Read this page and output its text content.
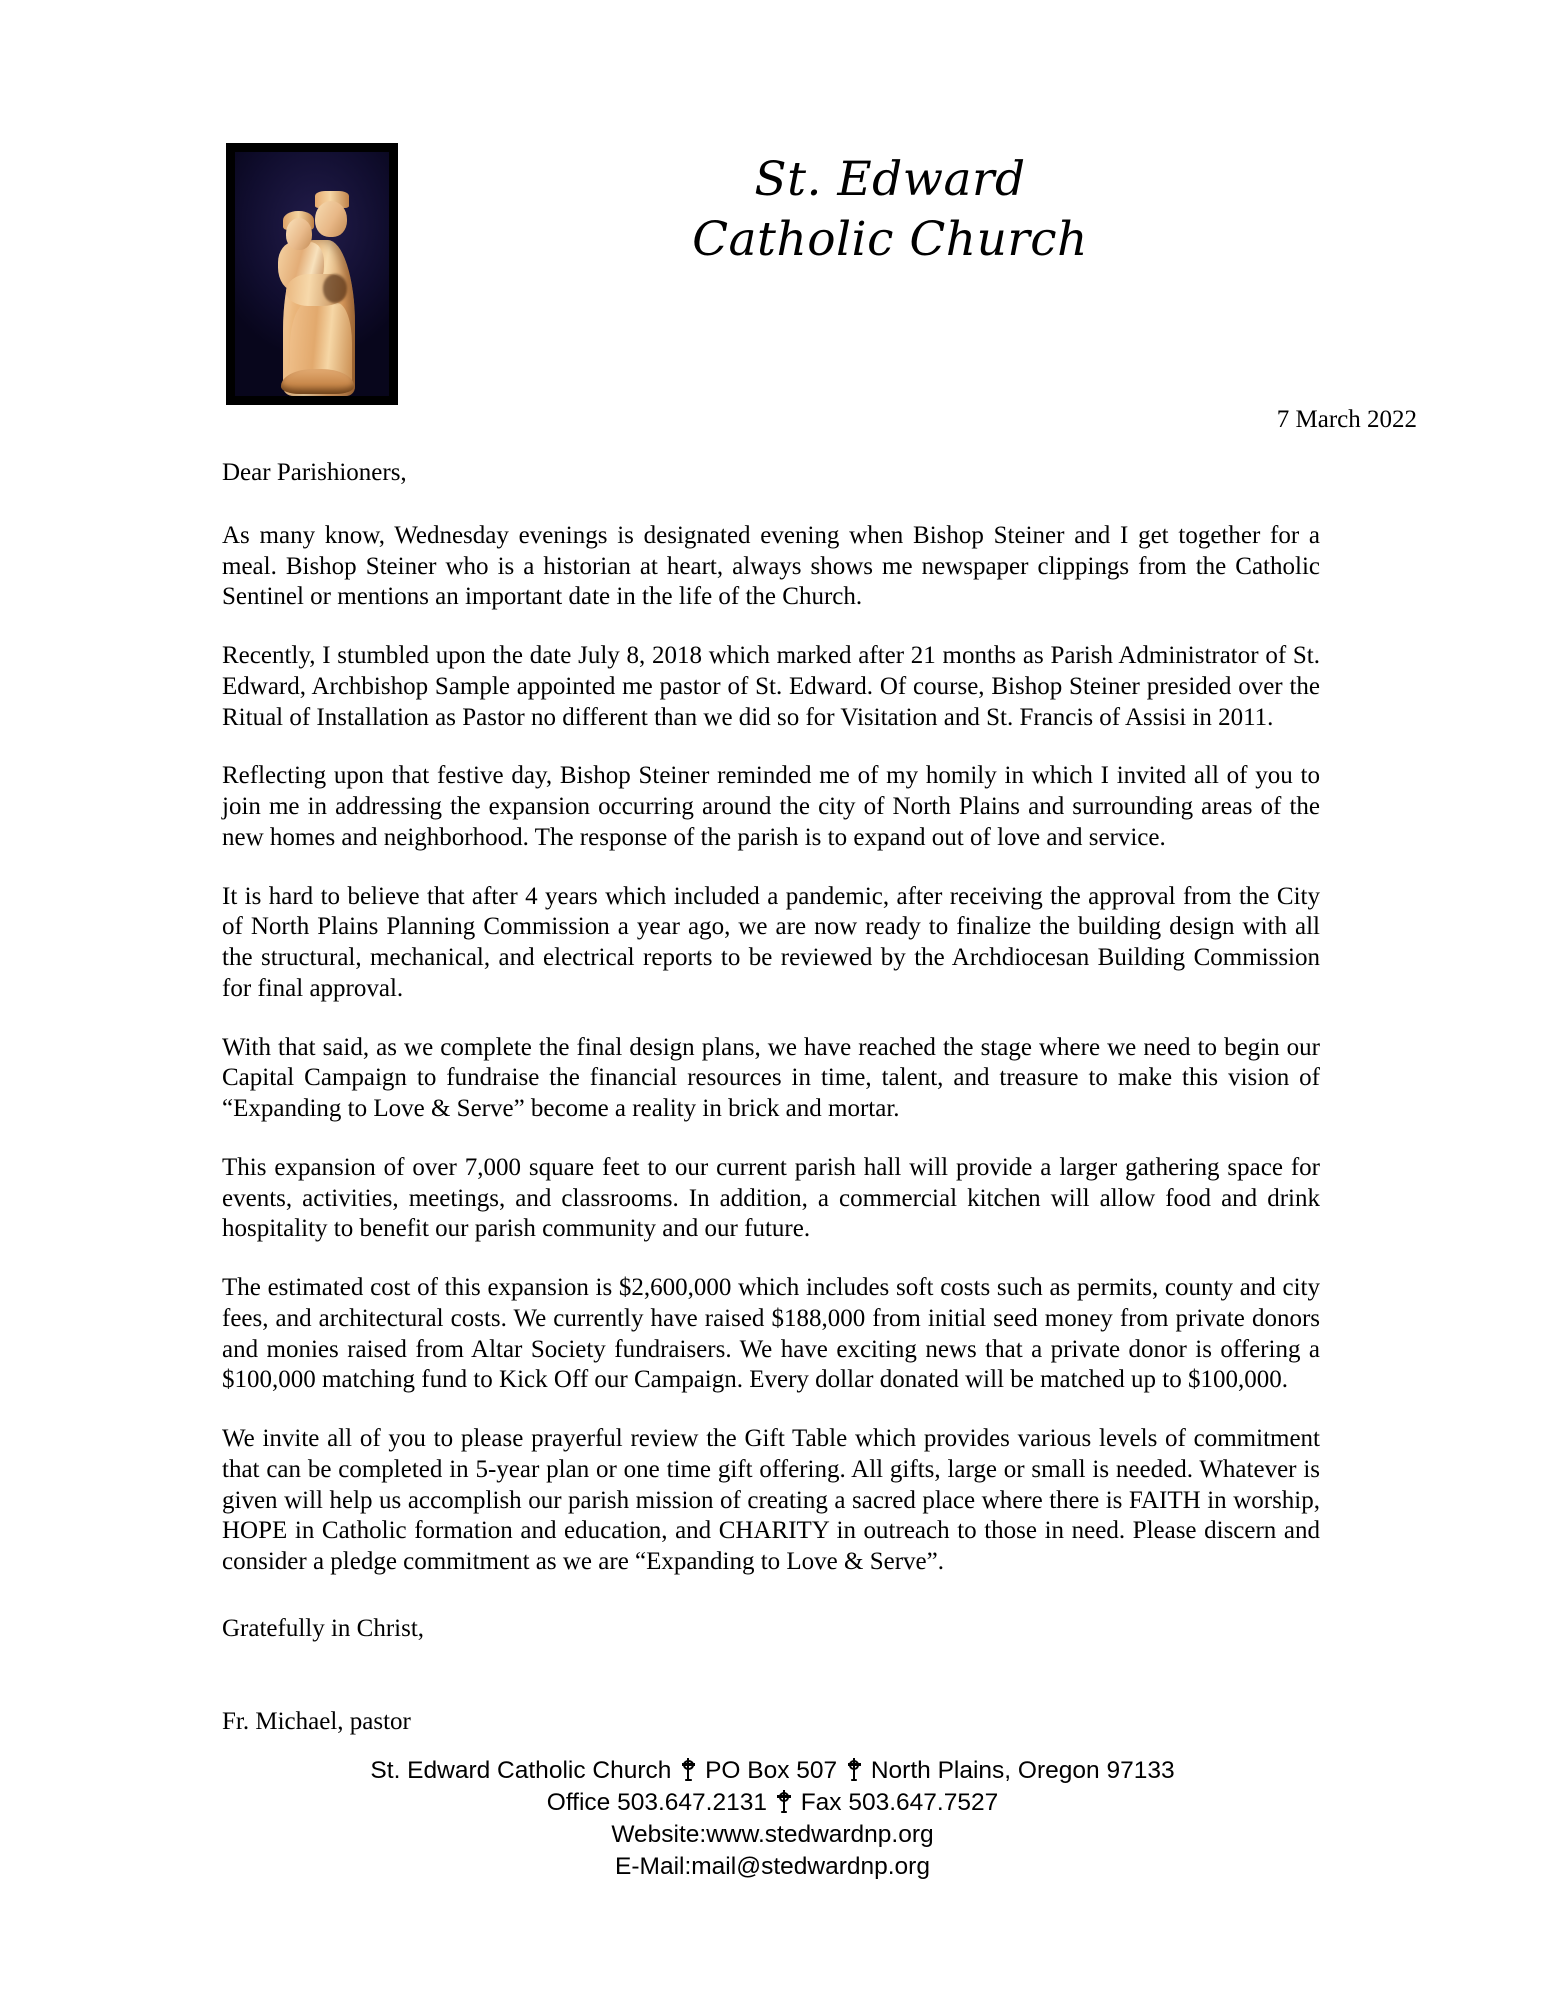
St. Edward
Catholic Church
7 March 2022

Dear Parishioners,

As many know, Wednesday evenings is designated evening when Bishop Steiner and I get together for a meal. Bishop Steiner who is a historian at heart, always shows me newspaper clippings from the Catholic Sentinel or mentions an important date in the life of the Church.

Recently, I stumbled upon the date July 8, 2018 which marked after 21 months as Parish Administrator of St. Edward, Archbishop Sample appointed me pastor of St. Edward. Of course, Bishop Steiner presided over the Ritual of Installation as Pastor no different than we did so for Visitation and St. Francis of Assisi in 2011.

Reflecting upon that festive day, Bishop Steiner reminded me of my homily in which I invited all of you to join me in addressing the expansion occurring around the city of North Plains and surrounding areas of the new homes and neighborhood. The response of the parish is to expand out of love and service.

It is hard to believe that after 4 years which included a pandemic, after receiving the approval from the City of North Plains Planning Commission a year ago, we are now ready to finalize the building design with all the structural, mechanical, and electrical reports to be reviewed by the Archdiocesan Building Commission for final approval.

With that said, as we complete the final design plans, we have reached the stage where we need to begin our Capital Campaign to fundraise the financial resources in time, talent, and treasure to make this vision of “Expanding to Love & Serve” become a reality in brick and mortar.

This expansion of over 7,000 square feet to our current parish hall will provide a larger gathering space for events, activities, meetings, and classrooms. In addition, a commercial kitchen will allow food and drink hospitality to benefit our parish community and our future.

The estimated cost of this expansion is $2,600,000 which includes soft costs such as permits, county and city fees, and architectural costs. We currently have raised $188,000 from initial seed money from private donors and monies raised from Altar Society fundraisers. We have exciting news that a private donor is offering a $100,000 matching fund to Kick Off our Campaign. Every dollar donated will be matched up to $100,000.

We invite all of you to please prayerful review the Gift Table which provides various levels of commitment that can be completed in 5-year plan or one time gift offering. All gifts, large or small is needed. Whatever is given will help us accomplish our parish mission of creating a sacred place where there is FAITH in worship, HOPE in Catholic formation and education, and CHARITY in outreach to those in need. Please discern and consider a pledge commitment as we are “Expanding to Love & Serve”.

Gratefully in Christ,

Fr. Michael, pastor

St. Edward Catholic Church PO Box 507 North Plains, Oregon 97133
Office 503.647.2131 Fax 503.647.7527
Website:www.stedwardnp.org
E-Mail:mail@stedwardnp.org
